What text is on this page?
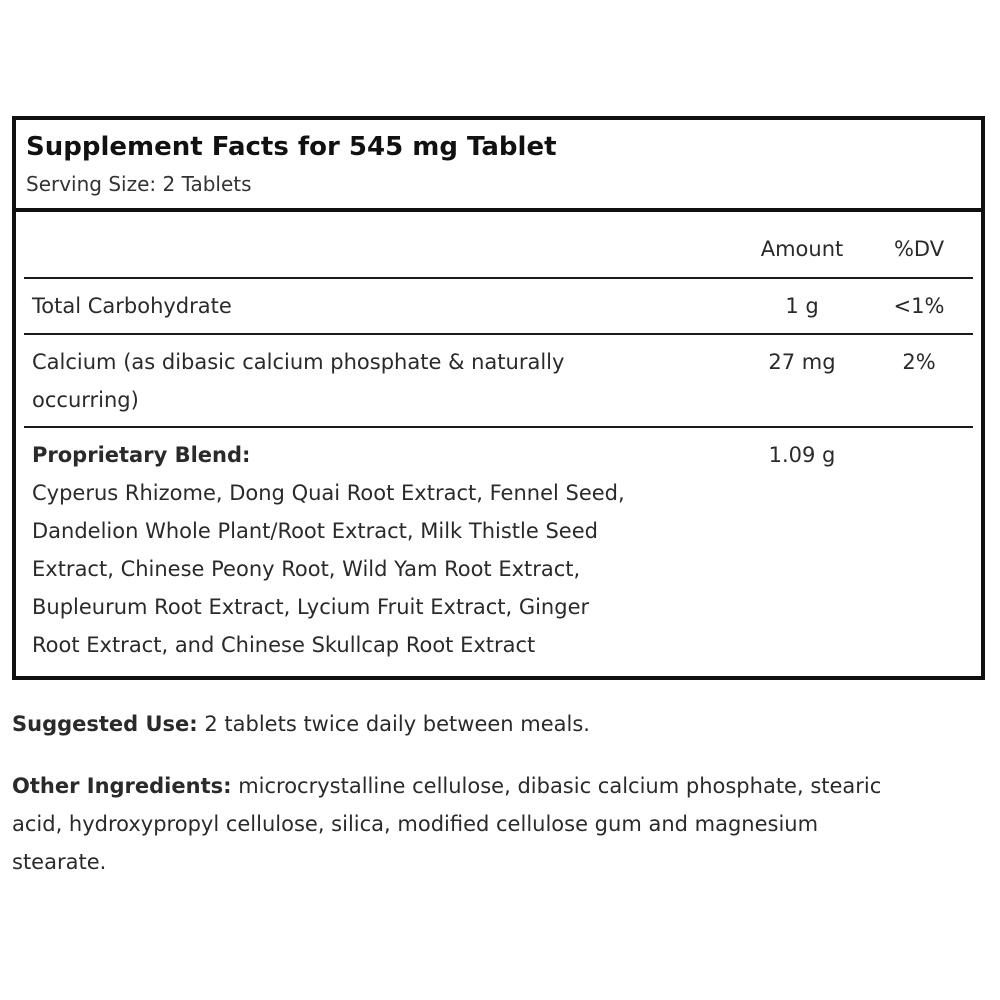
Supplement Facts for 545 mg Tablet
Serving Size: 2 Tablets
Amount	%DV
Total Carbohydrate	1 g	<1%
Calcium (as dibasic calcium phosphate & naturally
occurring)
27 mg	2%
Proprietary Blend:	1.09 g
Cyperus Rhizome, Dong Quai Root Extract, Fennel Seed,
Dandelion Whole Plant/Root Extract, Milk Thistle Seed
Extract, Chinese Peony Root, Wild Yam Root Extract,
Bupleurum Root Extract, Lycium Fruit Extract, Ginger
Root Extract, and Chinese Skullcap Root Extract
Suggested Use: 2 tablets twice daily between meals.
Other Ingredients: microcrystalline cellulose, dibasic calcium phosphate, stearic
acid, hydroxypropyl cellulose, silica, modified cellulose gum and magnesium
stearate.
